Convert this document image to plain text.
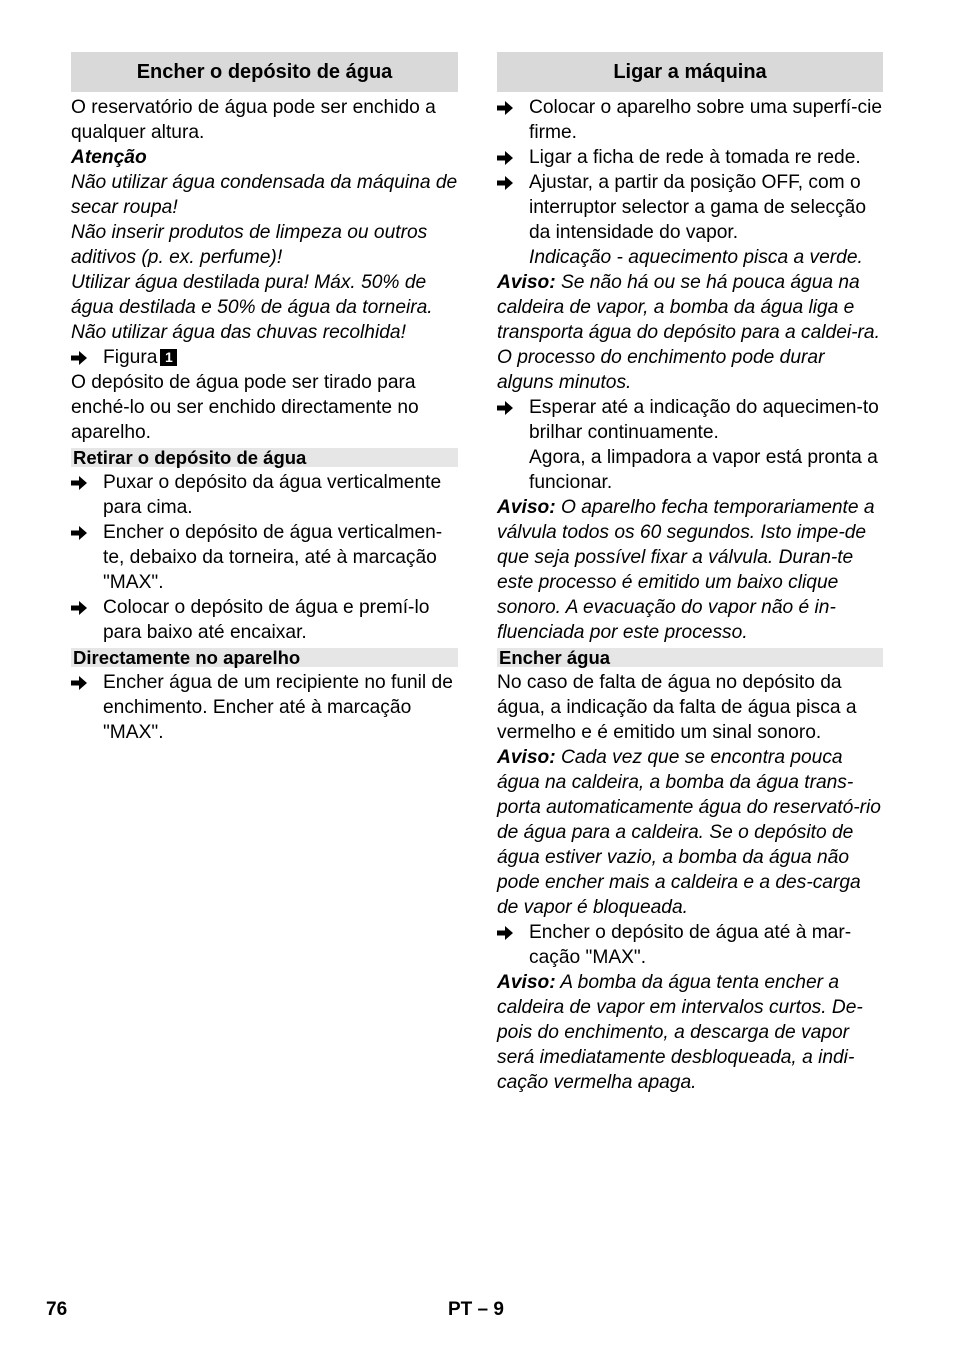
Encher o depósito de água

O reservatório de água pode ser enchido a qualquer altura.

Atenção

Não utilizar água condensada da máquina de secar roupa!

Não inserir produtos de limpeza ou outros aditivos (p. ex. perfume)!

Utilizar água destilada pura! Máx. 50% de água destilada e 50% de água da torneira.

Não utilizar água das chuvas recolhida!

Figura 1

O depósito de água pode ser tirado para enché-lo ou ser enchido directamente no aparelho.

Retirar o depósito de água
Puxar o depósito da água verticalmente para cima.
Encher o depósito de água verticalmen-te, debaixo da torneira, até à marcação "MAX".
Colocar o depósito de água e premí-lo para baixo até encaixar.
Directamente no aparelho
Encher água de um recipiente no funil de enchimento. Encher até à marcação "MAX".
Ligar a máquina
Colocar o aparelho sobre uma superfí-cie firme.
Ligar a ficha de rede à tomada re rede.
Ajustar, a partir da posição OFF, com o interruptor selector a gama de selecção da intensidade do vapor.

Indicação - aquecimento pisca a verde.

Aviso: Se não há ou se há pouca água na caldeira de vapor, a bomba da água liga e transporta água do depósito para a caldei-ra. O processo do enchimento pode durar alguns minutos.

Esperar até a indicação do aquecimen-to brilhar continuamente.

Agora, a limpadora a vapor está pronta a funcionar.

Aviso: O aparelho fecha temporariamente a válvula todos os 60 segundos. Isto impe-de que seja possível fixar a válvula. Duran-te este processo é emitido um baixo clique sonoro. A evacuação do vapor não é in-fluenciada por este processo.

Encher água

No caso de falta de água no depósito da água, a indicação da falta de água pisca a vermelho e é emitido um sinal sonoro.

Aviso: Cada vez que se encontra pouca água na caldeira, a bomba da água trans-porta automaticamente água do reservató-rio de água para a caldeira. Se o depósito de água estiver vazio, a bomba da água não pode encher mais a caldeira e a des-carga de vapor é bloqueada.

Encher o depósito de água até à mar-cação "MAX".

Aviso: A bomba da água tenta encher a caldeira de vapor em intervalos curtos. De-pois do enchimento, a descarga de vapor será imediatamente desbloqueada, a indi-cação vermelha apaga.

76	PT – 9
